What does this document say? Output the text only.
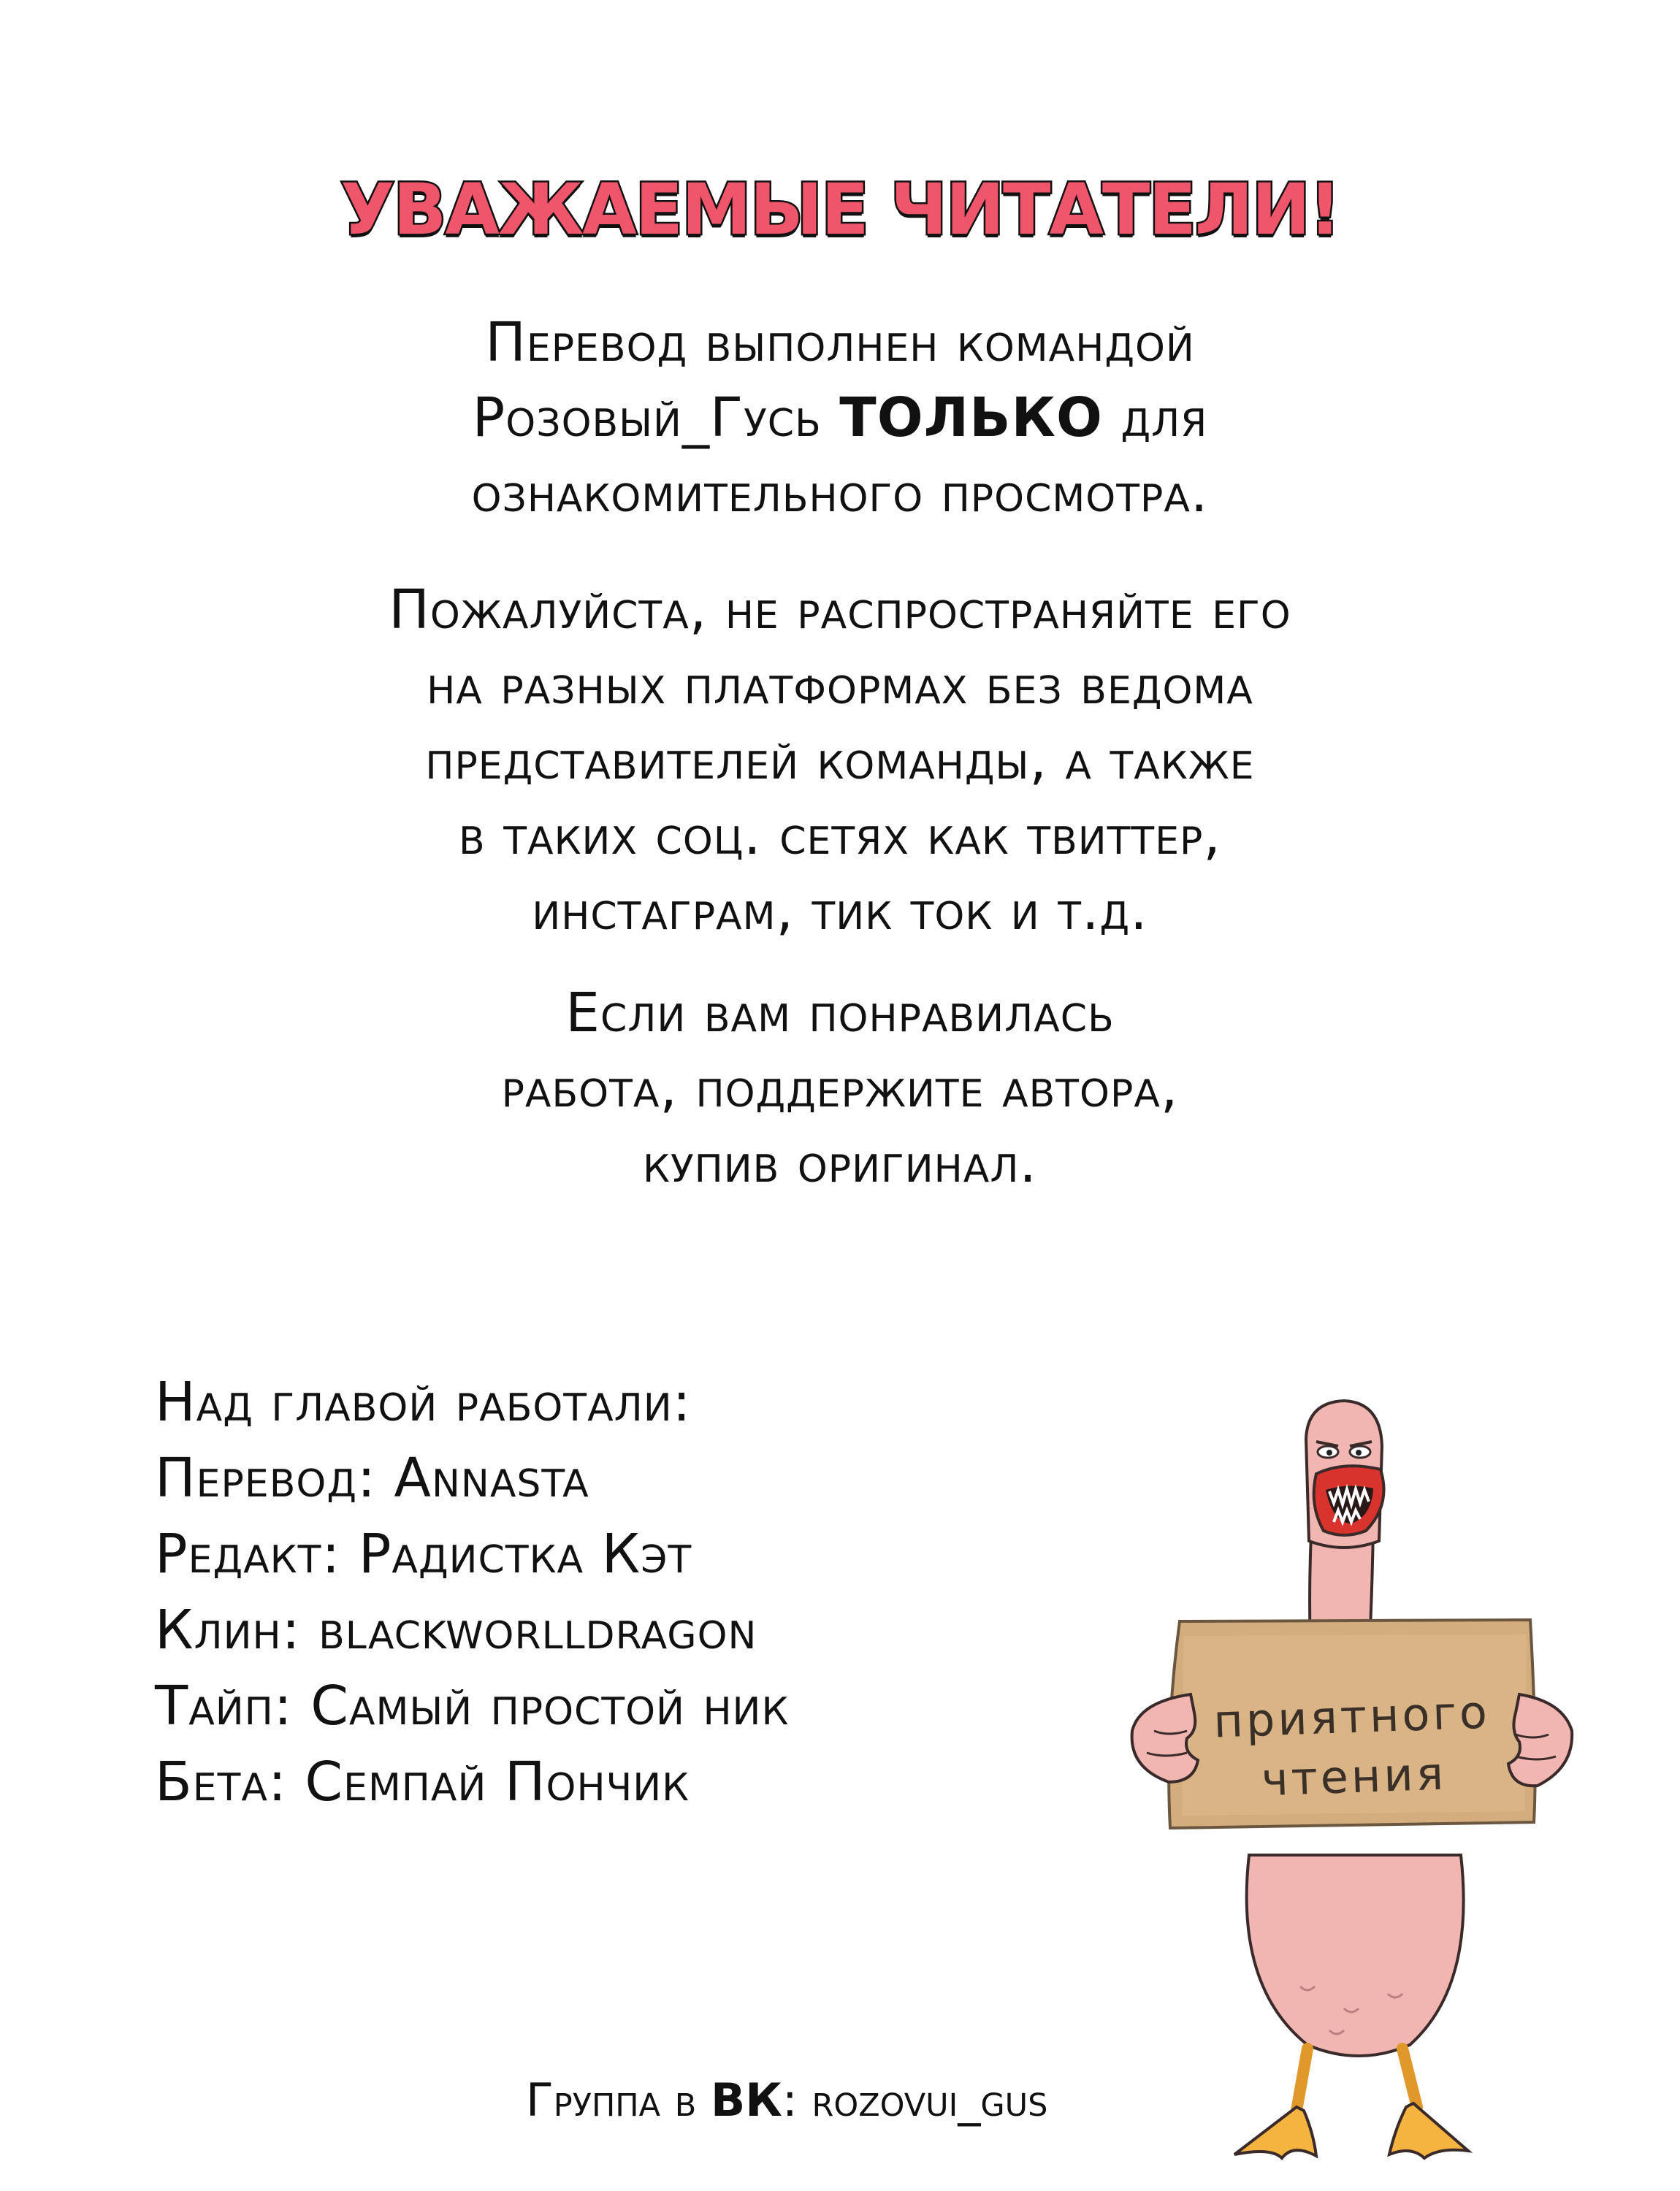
УВАЖАЕМЫЕ ЧИТАТЕЛИ!
Перевод выполнен командой
Розовый_Гусь ТОЛЬКО для
ознакомительного просмотра.
Пожалуйста, не распространяйте его
на разных платформах без ведома
представителей команды, а также
в таких соц. сетях как твиттер,
инстаграм, тик ток и т.д.
Если вам понравилась
работа, поддержите автора,
купив оригинал.
Над главой работали:
Перевод: Annasta
Редакт: Радистка Кэт
Клин: blackworlldragon
Тайп: Самый простой ник
Бета: Семпай Пончик
приятного
чтения
Группа в ВК: rozovui_gus
